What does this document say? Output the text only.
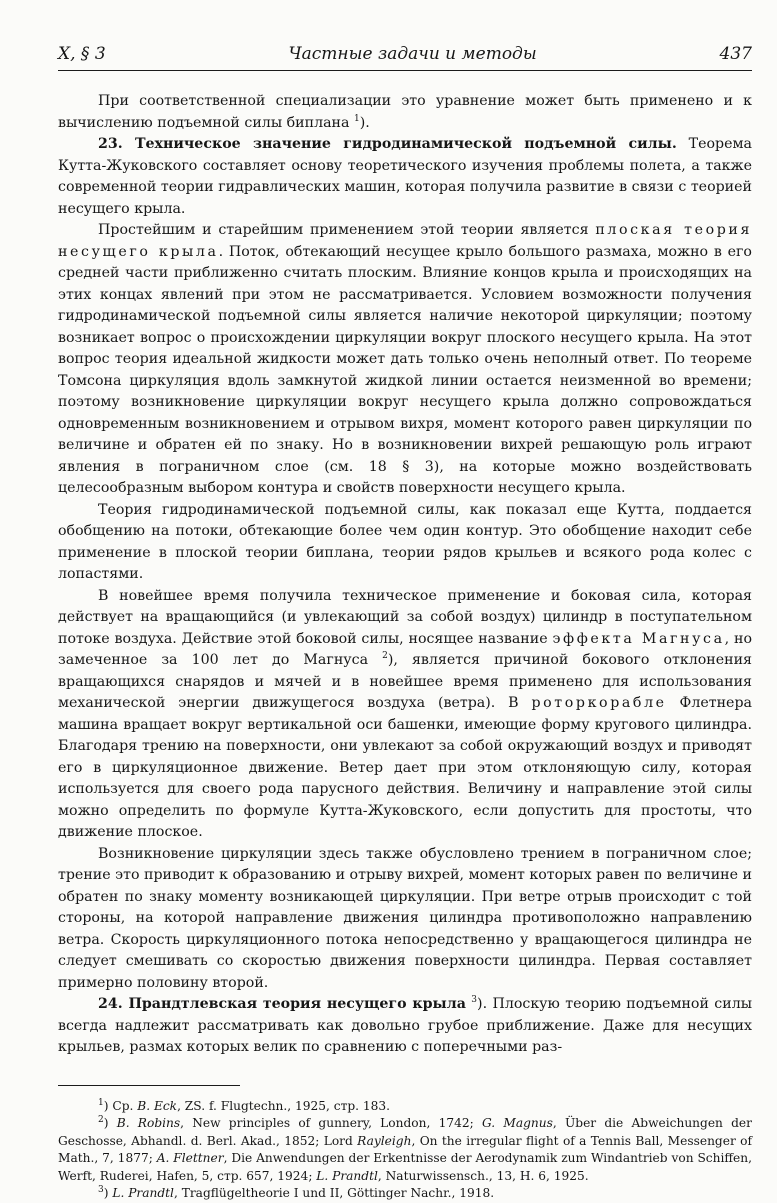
X, § 3	Частные задачи и методы	437

При соответственной специализации это уравнение может быть применено и к вычислению подъемной силы биплана $^1$).

23. Техническое значение гидродинамической подъемной силы. Теорема Кутта-Жуковского составляет основу теоретического изучения проблемы полета, а также современной теории гидравлических машин, которая получила развитие в связи с теорией несущего крыла.

Простейшим и старейшим применением этой теории является плоская теория несущего крыла. Поток, обтекающий несущее крыло большого размаха, можно в его средней части приближенно считать плоским. Влияние концов крыла и происходящих на этих концах явлений при этом не рассматривается. Условием возможности получения гидродинамической подъемной силы является наличие некоторой циркуляции; поэтому возникает вопрос о происхождении циркуляции вокруг плоского несущего крыла. На этот вопрос теория идеальной жидкости может дать только очень неполный ответ. По теореме Томсона циркуляция вдоль замкнутой жидкой линии остается неизменной во времени; поэтому возникновение циркуляции вокруг несущего крыла должно сопровождаться одновременным возникновением и отрывом вихря, момент которого равен циркуляции по величине и обратен ей по знаку. Но в возникновении вихрей решающую роль играют явления в пограничном слое (см. 18 § 3), на которые можно воздействовать целесообразным выбором контура и свойств поверхности несущего крыла.

Теория гидродинамической подъемной силы, как показал еще Кутта, поддается обобщению на потоки, обтекающие более чем один контур. Это обобщение находит себе применение в плоской теории биплана, теории рядов крыльев и всякого рода колес с лопастями.

В новейшее время получила техническое применение и боковая сила, которая действует на вращающийся (и увлекающий за собой воздух) цилиндр в поступательном потоке воздуха. Действие этой боковой силы, носящее название эффекта Магнуса, но замеченное за 100 лет до Магнуса $^2$), является причиной бокового отклонения вращающихся снарядов и мячей и в новейшее время применено для использования механической энергии движущегося воздуха (ветра). В роторкорабле Флетнера машина вращает вокруг вертикальной оси башенки, имеющие форму кругового цилиндра. Благодаря трению на поверхности, они увлекают за собой окружающий воздух и приводят его в циркуляционное движение. Ветер дает при этом отклоняющую силу, которая используется для своего рода парусного действия. Величину и направление этой силы можно определить по формуле Кутта-Жуковского, если допустить для простоты, что движение плоское.

Возникновение циркуляции здесь также обусловлено трением в пограничном слое; трение это приводит к образованию и отрыву вихрей, момент которых равен по величине и обратен по знаку моменту возникающей циркуляции. При ветре отрыв происходит с той стороны, на которой направление движения цилиндра противоположно направлению ветра. Скорость циркуляционного потока непосредственно у вращающегося цилиндра не следует смешивать со скоростью движения поверхности цилиндра. Первая составляет примерно половину второй.

24. Прандтлевская теория несущего крыла $^3$). Плоскую теорию подъемной силы всегда надлежит рассматривать как довольно грубое приближение. Даже для несущих крыльев, размах которых велик по сравнению с поперечными раз-

$^1$) Ср. B. Eck, ZS. f. Flugtechn., 1925, стр. 183.

$^2$) B. Robins, New principles of gunnery, London, 1742; G. Magnus, Über die Abweichungen der Geschosse, Abhandl. d. Berl. Akad., 1852; Lord Rayleigh, On the irregular flight of a Tennis Ball, Messenger of Math., 7, 1877; A. Flettner, Die Anwendungen der Erkentnisse der Aerodynamik zum Windantrieb von Schiffen, Werft, Ruderei, Hafen, 5, стр. 657, 1924; L. Prandtl, Naturwissensch., 13, H. 6, 1925.

$^3$) L. Prandtl, Tragflügeltheorie I und II, Göttinger Nachr., 1918.
